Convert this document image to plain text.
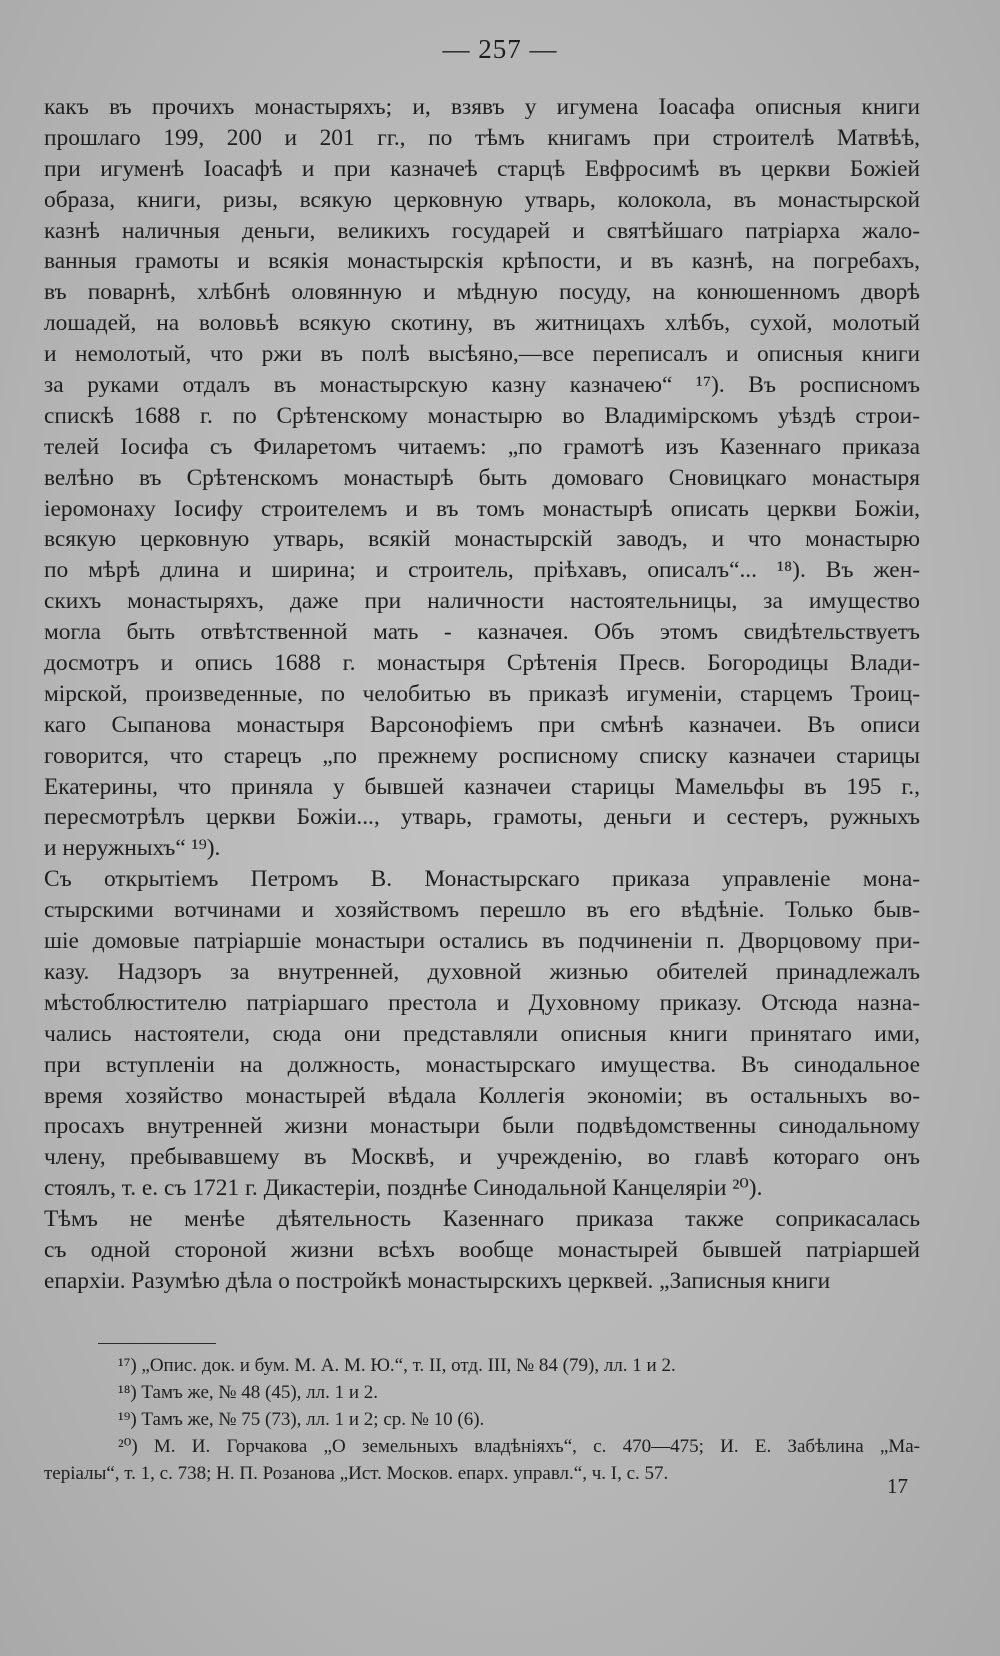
— 257 —
какъ въ прочихъ монастыряхъ; и, взявъ у игумена Іоасафа описныя книги
прошлаго 199, 200 и 201 гг., по тѣмъ книгамъ при строителѣ Матвѣѣ,
при игуменѣ Іоасафѣ и при казначеѣ старцѣ Евфросимѣ въ церкви Божіей
образа, книги, ризы, всякую церковную утварь, колокола, въ монастырской
казнѣ наличныя деньги, великихъ государей и святѣйшаго патріарха жало-
ванныя грамоты и всякія монастырскія крѣпости, и въ казнѣ, на погребахъ,
въ поварнѣ, хлѣбнѣ оловянную и мѣдную посуду, на конюшенномъ дворѣ
лошадей, на воловьѣ всякую скотину, въ житницахъ хлѣбъ, сухой, молотый
и немолотый, что ржи въ полѣ высѣяно,—все переписалъ и описныя книги
за руками отдалъ въ монастырскую казну казначею“ ¹⁷). Въ росписномъ
спискѣ 1688 г. по Срѣтенскому монастырю во Владимірскомъ уѣздѣ строи-
телей Іосифа съ Филаретомъ читаемъ: „по грамотѣ изъ Казеннаго приказа
велѣно въ Срѣтенскомъ монастырѣ быть домоваго Сновицкаго монастыря
іеромонаху Іосифу строителемъ и въ томъ монастырѣ описать церкви Божіи,
всякую церковную утварь, всякій монастырскій заводъ, и что монастырю
по мѣрѣ длина и ширина; и строитель, пріѣхавъ, описалъ“... ¹⁸). Въ жен-
скихъ монастыряхъ, даже при наличности настоятельницы, за имущество
могла быть отвѣтственной мать - казначея. Объ этомъ свидѣтельствуетъ
досмотръ и опись 1688 г. монастыря Срѣтенія Пресв. Богородицы Влади-
мірской, произведенные, по челобитью въ приказѣ игуменіи, старцемъ Троиц-
каго Сыпанова монастыря Варсонофіемъ при смѣнѣ казначеи. Въ описи
говорится, что старецъ „по прежнему росписному списку казначеи старицы
Екатерины, что приняла у бывшей казначеи старицы Мамельфы въ 195 г.,
пересмотрѣлъ церкви Божіи..., утварь, грамоты, деньги и сестеръ, ружныхъ
и неружныхъ“ ¹⁹).
Съ открытіемъ Петромъ В. Монастырскаго приказа управленіе мона-
стырскими вотчинами и хозяйствомъ перешло въ его вѣдѣніе. Только быв-
шіе домовые патріаршіе монастыри остались въ подчиненіи п. Дворцовому при-
казу. Надзоръ за внутренней, духовной жизнью обителей принадлежалъ
мѣстоблюстителю патріаршаго престола и Духовному приказу. Отсюда назна-
чались настоятели, сюда они представляли описныя книги принятаго ими,
при вступленіи на должность, монастырскаго имущества. Въ синодальное
время хозяйство монастырей вѣдала Коллегія экономіи; въ остальныхъ во-
просахъ внутренней жизни монастыри были подвѣдомственны синодальному
члену, пребывавшему въ Москвѣ, и учрежденію, во главѣ котораго онъ
стоялъ, т. е. съ 1721 г. Дикастеріи, позднѣе Синодальной Канцеляріи ²⁰).
Тѣмъ не менѣе дѣятельность Казеннаго приказа также соприкасалась
съ одной стороной жизни всѣхъ вообще монастырей бывшей патріаршей
епархіи. Разумѣю дѣла о постройкѣ монастырскихъ церквей. „Записныя книги
¹⁷) „Опис. док. и бум. М. А. М. Ю.“, т. II, отд. III, № 84 (79), лл. 1 и 2.
¹⁸) Тамъ же, № 48 (45), лл. 1 и 2.
¹⁹) Тамъ же, № 75 (73), лл. 1 и 2; ср. № 10 (6).
²⁰) М. И. Горчакова „О земельныхъ владѣніяхъ“, с. 470—475; И. Е. Забѣлина „Ма-
теріалы“, т. 1, с. 738; Н. П. Розанова „Ист. Москов. епарх. управл.“, ч. I, с. 57.
17
